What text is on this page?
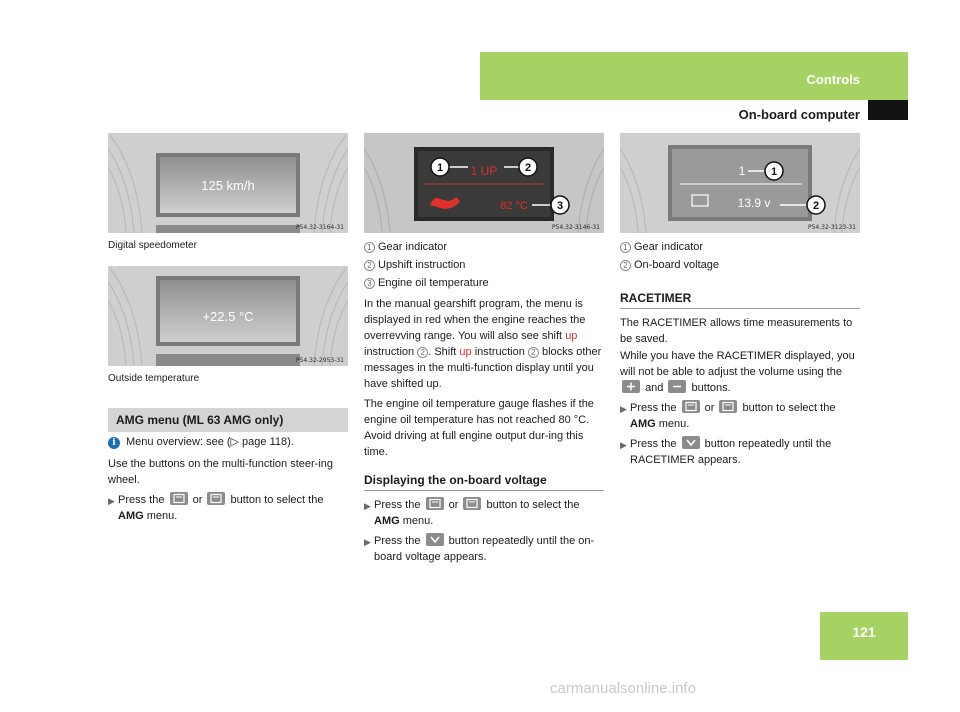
Controls
On-board computer
125 km/h
P54.32-3164-31
Digital speedometer
+22.5 °C
P54.32-2953-31
Outside temperature
AMG menu (ML 63 AMG only)
i Menu overview: see (▷ page 118).
Use the buttons on the multi-function steer-ing wheel.
▶ Press the	or	button to select the AMG menu.
1 UP
82 °C
1	2
3
P54.32-3146-31
1 Gear indicator
2 Upshift instruction
3 Engine oil temperature
In the manual gearshift program, the menu is displayed in red when the engine reaches the overrevving range. You will also see shift up instruction 2 . Shift up instruction 2 blocks other messages in the multi-function display until you have shifted up.
The engine oil temperature gauge flashes if the engine oil temperature has not reached 80 °C. Avoid driving at full engine output dur-ing this time.
Displaying the on-board voltage
▶ Press the	or	button to select the AMG menu.
▶ Press the	button repeatedly until the on-board voltage appears.
1
13.9 v
1
2
P54.32-3123-31
1 Gear indicator
2 On-board voltage
RACETIMER
The RACETIMER allows time measurements to be saved.
While you have the RACETIMER displayed, you will not be able to adjust the volume using the
and	buttons.
▶ Press the	or	button to select the AMG menu.
▶ Press the	button repeatedly until the RACETIMER appears.
121
carmanualsonline.info
